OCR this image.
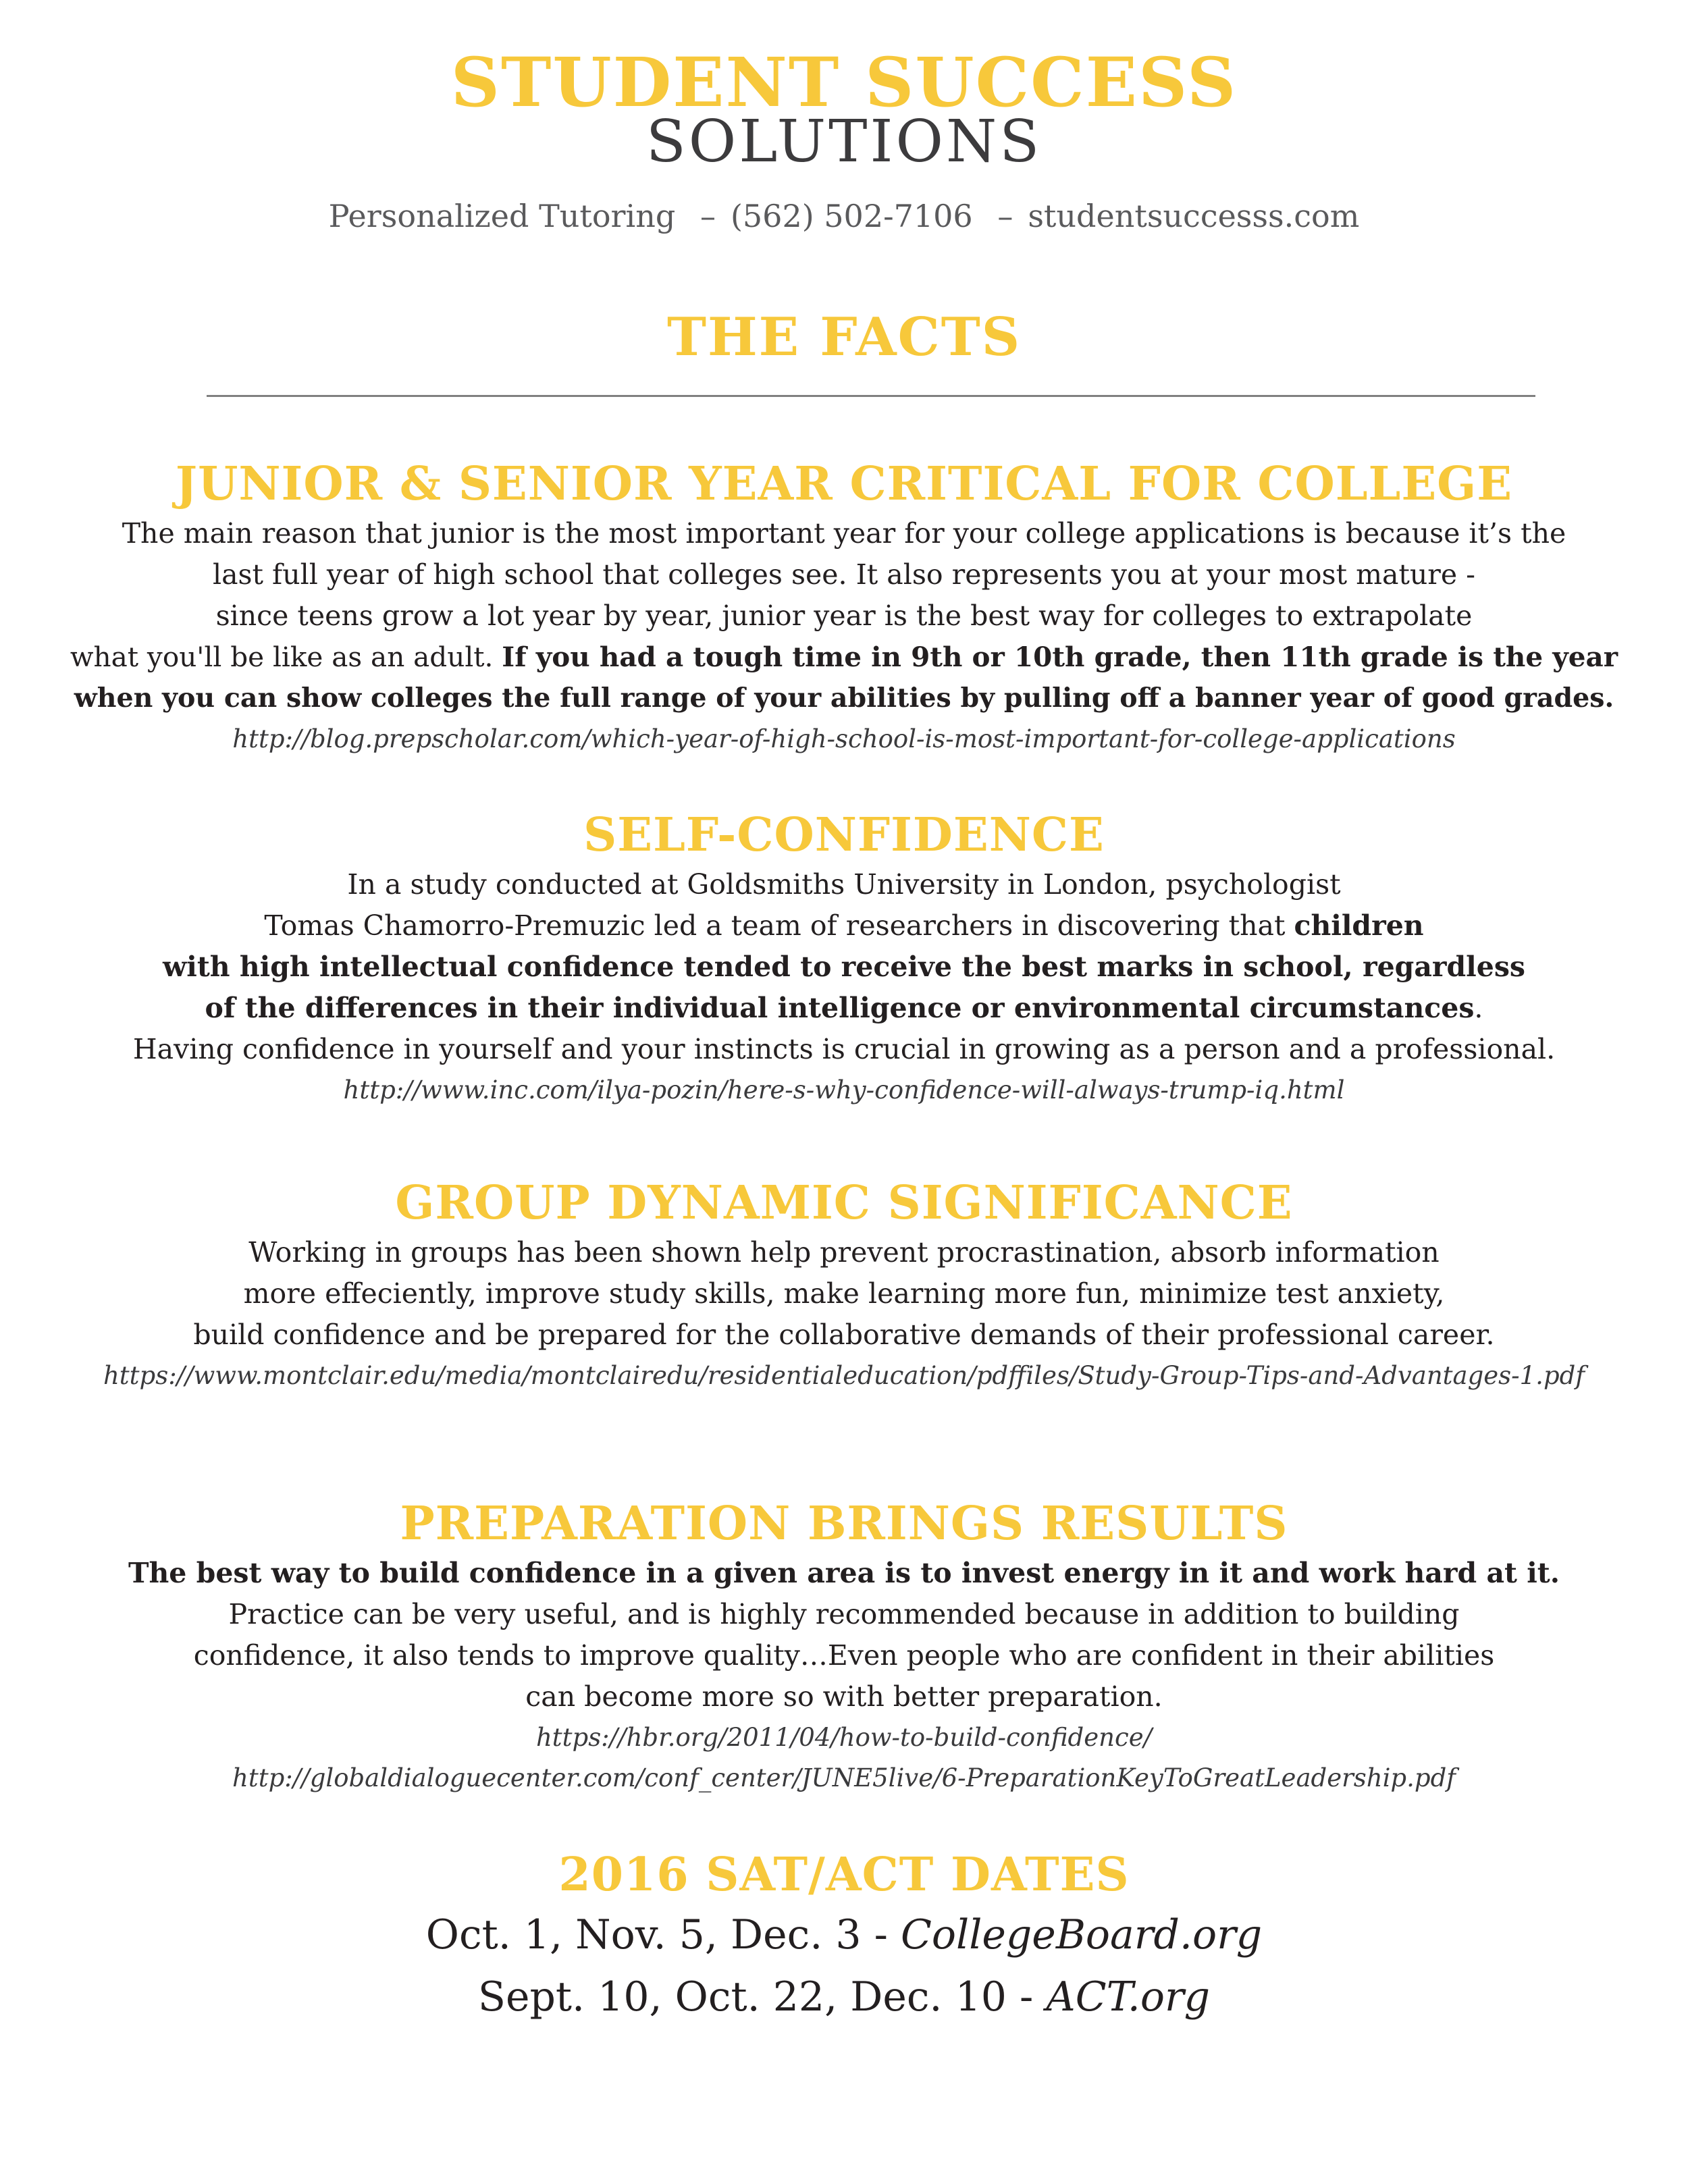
STUDENT SUCCESS
SOLUTIONS
Personalized Tutoring – (562) 502-7106 – studentsuccesss.com
THE FACTS
JUNIOR & SENIOR YEAR CRITICAL FOR COLLEGE
The main reason that junior is the most important year for your college applications is because it’s the
last full year of high school that colleges see. It also represents you at your most mature -
since teens grow a lot year by year, junior year is the best way for colleges to extrapolate
what you'll be like as an adult. If you had a tough time in 9th or 10th grade, then 11th grade is the year
when you can show colleges the full range of your abilities by pulling off a banner year of good grades.
http://blog.prepscholar.com/which-year-of-high-school-is-most-important-for-college-applications
SELF-CONFIDENCE
In a study conducted at Goldsmiths University in London, psychologist
Tomas Chamorro-Premuzic led a team of researchers in discovering that children
with high intellectual confidence tended to receive the best marks in school, regardless
of the differences in their individual intelligence or environmental circumstances.
Having confidence in yourself and your instincts is crucial in growing as a person and a professional.
http://www.inc.com/ilya-pozin/here-s-why-confidence-will-always-trump-iq.html
GROUP DYNAMIC SIGNIFICANCE
Working in groups has been shown help prevent procrastination, absorb information
more effeciently, improve study skills, make learning more fun, minimize test anxiety,
build confidence and be prepared for the collaborative demands of their professional career.
https://www.montclair.edu/media/montclairedu/residentialeducation/pdffiles/Study-Group-Tips-and-Advantages-1.pdf
PREPARATION BRINGS RESULTS
The best way to build confidence in a given area is to invest energy in it and work hard at it.
Practice can be very useful, and is highly recommended because in addition to building
confidence, it also tends to improve quality…Even people who are confident in their abilities
can become more so with better preparation.
https://hbr.org/2011/04/how-to-build-confidence/
http://globaldialoguecenter.com/conf_center/JUNE5live/6-PreparationKeyToGreatLeadership.pdf
2016 SAT/ACT DATES
Oct. 1, Nov. 5, Dec. 3 - CollegeBoard.org
Sept. 10, Oct. 22, Dec. 10 - ACT.org
